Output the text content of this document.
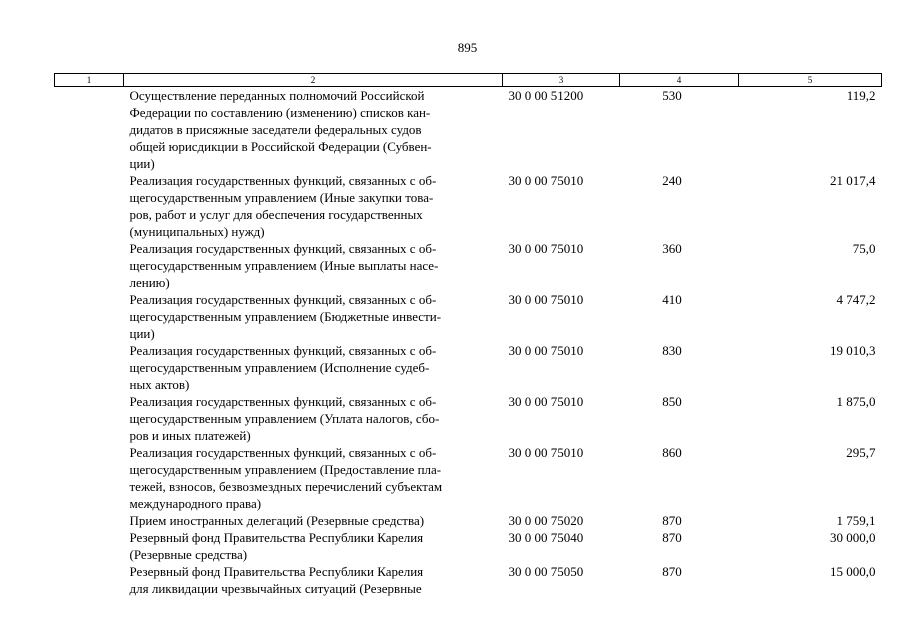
895
1	2	3	4	5

	Осуществление переданных полномочий Российской
Федерации по составлению (изменению) списков кан-
дидатов в присяжные заседатели федеральных судов
общей юрисдикции в Российской Федерации (Субвен-
ции)	30 0 00 51200	530	119,2

	Реализация государственных функций, связанных с об-
щегосударственным управлением (Иные закупки това-
ров, работ и услуг для обеспечения государственных
(муниципальных) нужд)	30 0 00 75010	240	21 017,4

	Реализация государственных функций, связанных с об-
щегосударственным управлением (Иные выплаты насе-
лению)	30 0 00 75010	360	75,0

	Реализация государственных функций, связанных с об-
щегосударственным управлением (Бюджетные инвести-
ции)	30 0 00 75010	410	4 747,2

	Реализация государственных функций, связанных с об-
щегосударственным управлением (Исполнение судеб-
ных актов)	30 0 00 75010	830	19 010,3

	Реализация государственных функций, связанных с об-
щегосударственным управлением (Уплата налогов, сбо-
ров и иных платежей)	30 0 00 75010	850	1 875,0

	Реализация государственных функций, связанных с об-
щегосударственным управлением (Предоставление пла-
тежей, взносов, безвозмездных перечислений субъектам
международного права)	30 0 00 75010	860	295,7

	Прием иностранных делегаций (Резервные средства)	30 0 00 75020	870	1 759,1

	Резервный фонд Правительства Республики Карелия
(Резервные средства)	30 0 00 75040	870	30 000,0

	Резервный фонд Правительства Республики Карелия
для ликвидации чрезвычайных ситуаций (Резервные	30 0 00 75050	870	15 000,0
